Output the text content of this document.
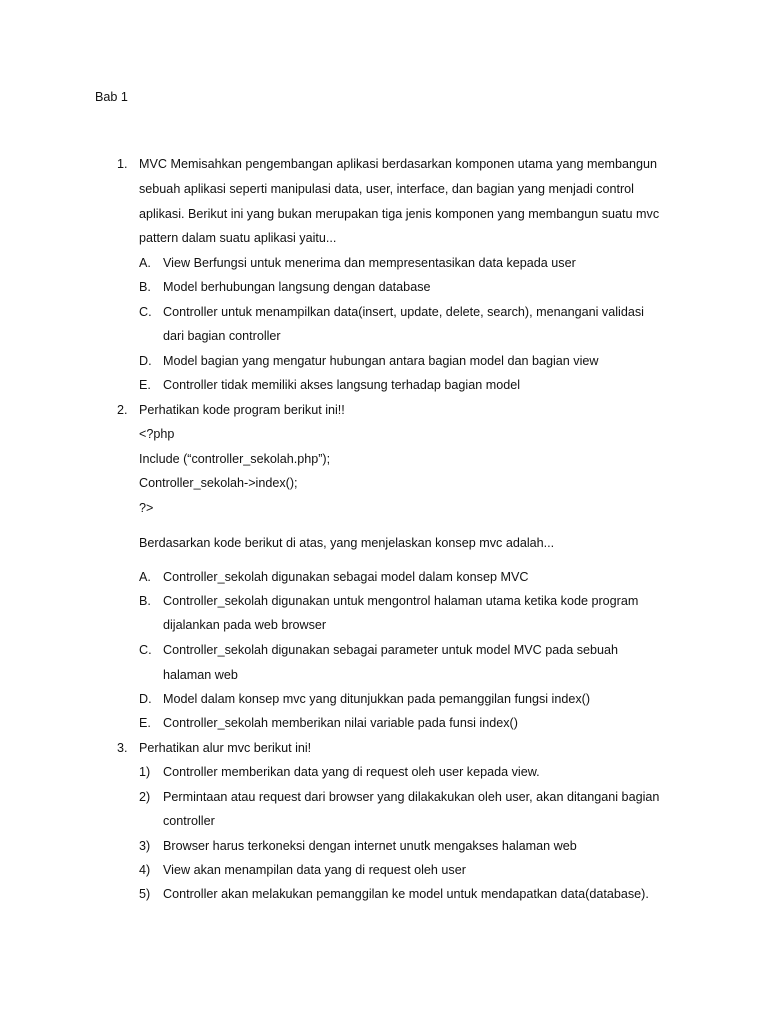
Bab 1
1. MVC Memisahkan pengembangan aplikasi berdasarkan komponen utama yang membangun
sebuah aplikasi seperti manipulasi data, user, interface, dan bagian yang menjadi control
aplikasi. Berikut ini yang bukan merupakan tiga jenis komponen yang membangun suatu mvc
pattern dalam suatu aplikasi yaitu...
A. View Berfungsi untuk menerima dan mempresentasikan data kepada user
B. Model berhubungan langsung dengan database
C. Controller untuk menampilkan data(insert, update, delete, search), menangani validasi
dari bagian controller
D. Model bagian yang mengatur hubungan antara bagian model dan bagian view
E. Controller tidak memiliki akses langsung terhadap bagian model
2. Perhatikan kode program berikut ini!!
<?php
Include (“controller_sekolah.php”);
Controller_sekolah->index();
?>
Berdasarkan kode berikut di atas, yang menjelaskan konsep mvc adalah...
A. Controller_sekolah digunakan sebagai model dalam konsep MVC
B. Controller_sekolah digunakan untuk mengontrol halaman utama ketika kode program
dijalankan pada web browser
C. Controller_sekolah digunakan sebagai parameter untuk model MVC pada sebuah
halaman web
D. Model dalam konsep mvc yang ditunjukkan pada pemanggilan fungsi index()
E. Controller_sekolah memberikan nilai variable pada funsi index()
3. Perhatikan alur mvc berikut ini!
1) Controller memberikan data yang di request oleh user kepada view.
2) Permintaan atau request dari browser yang dilakakukan oleh user, akan ditangani bagian
controller
3) Browser harus terkoneksi dengan internet unutk mengakses halaman web
4) View akan menampilan data yang di request oleh user
5) Controller akan melakukan pemanggilan ke model untuk mendapatkan data(database).
